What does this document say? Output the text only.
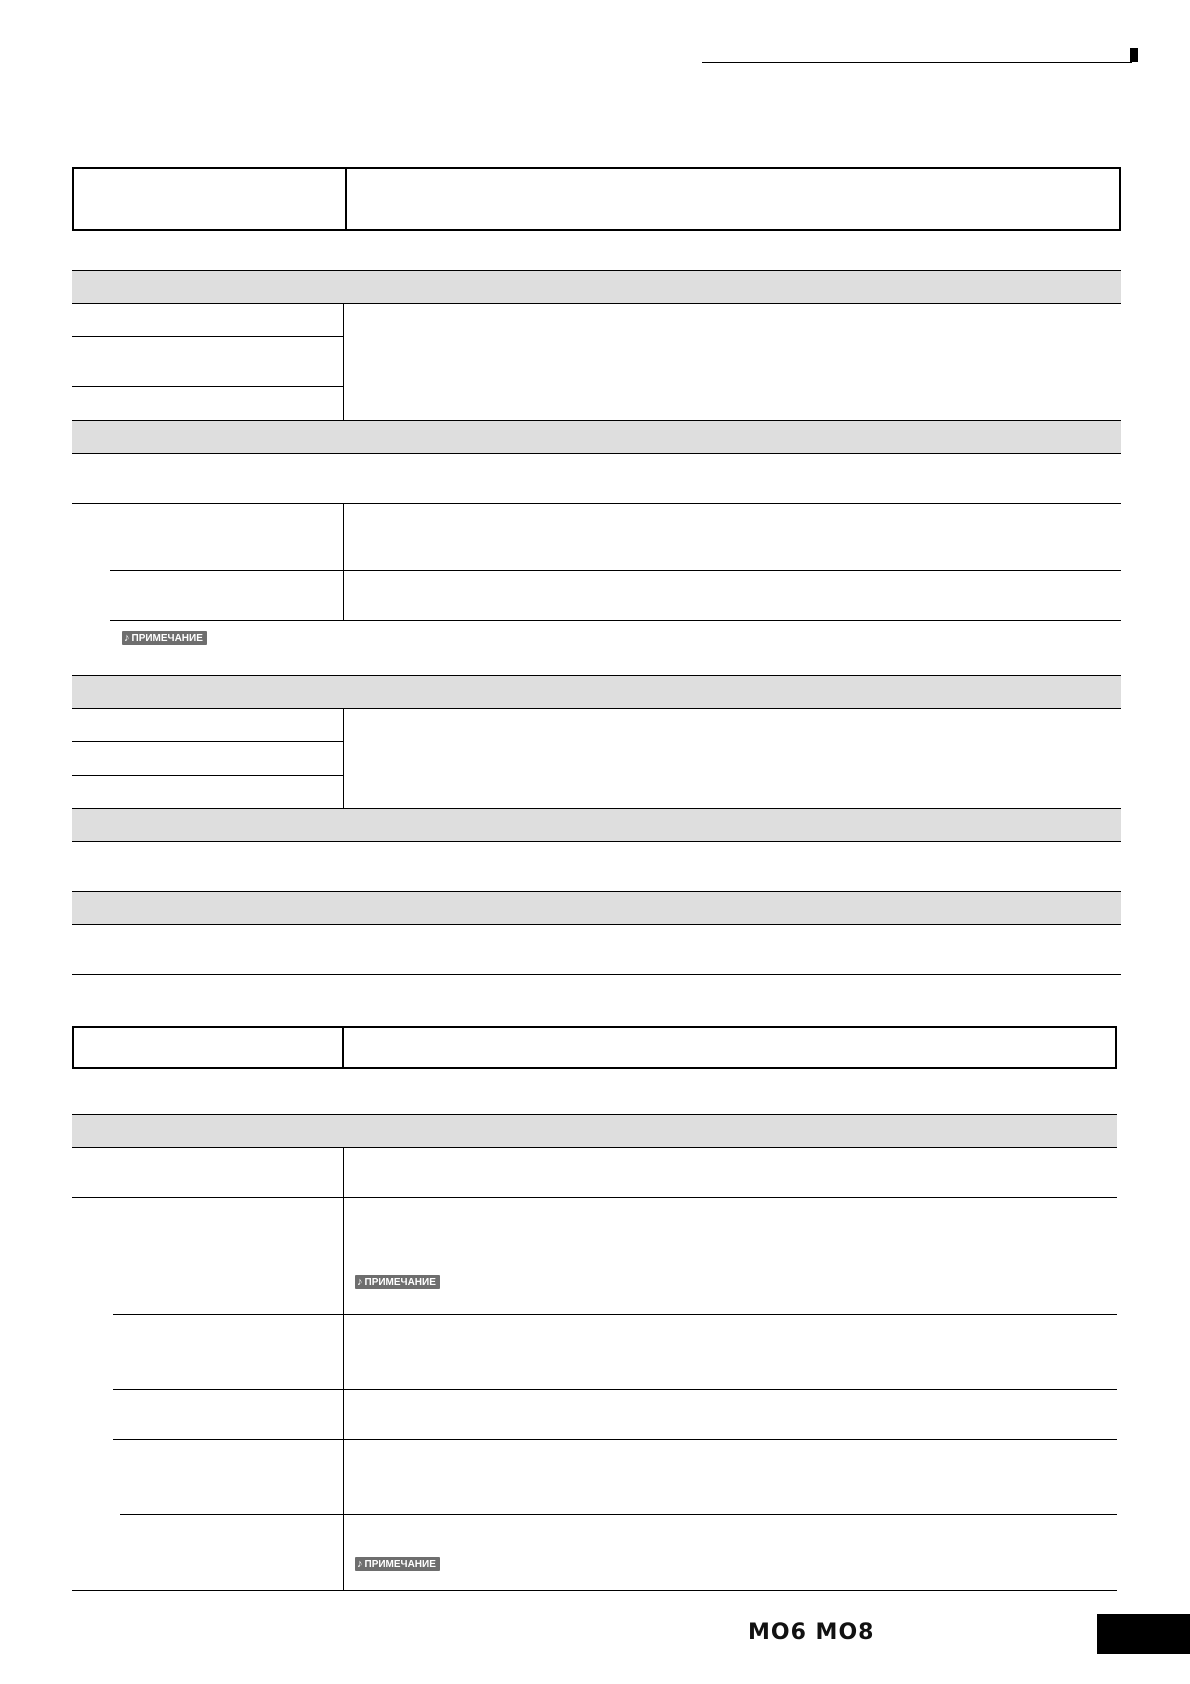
♪ ПРИМЕЧАНИЕ
♪ ПРИМЕЧАНИЕ
♪ ПРИМЕЧАНИЕ
MO6 MO8
